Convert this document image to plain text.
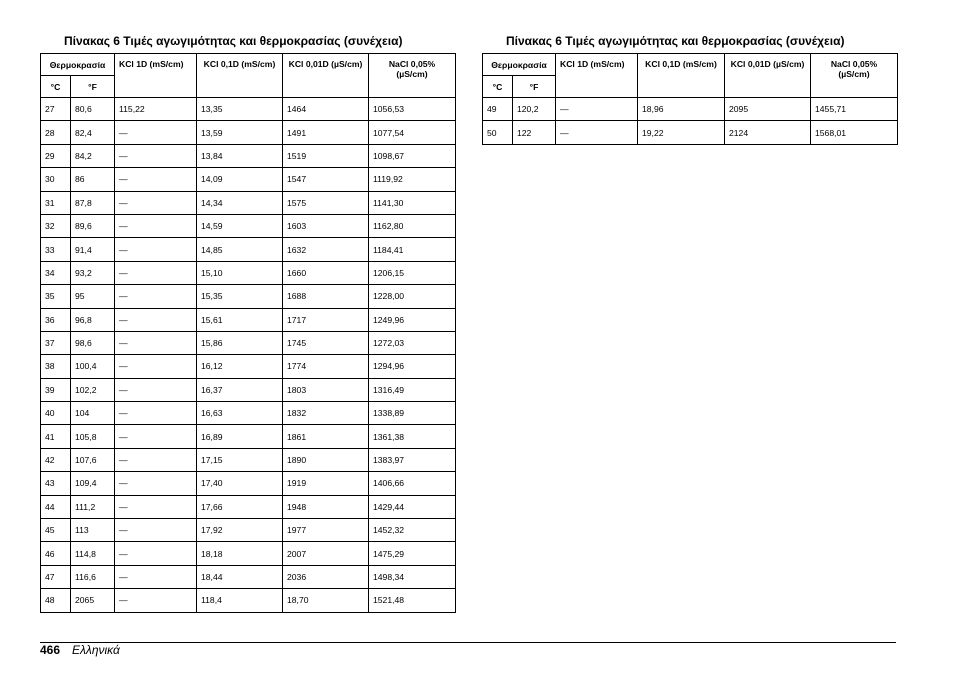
Πίνακας 6 Τιμές αγωγιμότητας και θερμοκρασίας (συνέχεια)
Θερμοκρασία		KCl 1D (mS/cm)	KCl 0,1D (mS/cm)	KCl 0,01D (µS/cm)	NaCl 0,05% (µS/cm)
°C	°F				
27	80,6	115,22	13,35	1464	1056,53
28	82,4	—	13,59	1491	1077,54
29	84,2	—	13,84	1519	1098,67
30	86	—	14,09	1547	1119,92
31	87,8	—	14,34	1575	1141,30
32	89,6	—	14,59	1603	1162,80
33	91,4	—	14,85	1632	1184,41
34	93,2	—	15,10	1660	1206,15
35	95	—	15,35	1688	1228,00
36	96,8	—	15,61	1717	1249,96
37	98,6	—	15,86	1745	1272,03
38	100,4	—	16,12	1774	1294,96
39	102,2	—	16,37	1803	1316,49
40	104	—	16,63	1832	1338,89
41	105,8	—	16,89	1861	1361,38
42	107,6	—	17,15	1890	1383,97
43	109,4	—	17,40	1919	1406,66
44	111,2	—	17,66	1948	1429,44
45	113	—	17,92	1977	1452,32
46	114,8	—	18,18	2007	1475,29
47	116,6	—	18,44	2036	1498,34
48	2065	—	118,4	18,70	1521,48
Πίνακας 6 Τιμές αγωγιμότητας και θερμοκρασίας (συνέχεια)
Θερμοκρασία		KCl 1D (mS/cm)	KCl 0,1D (mS/cm)	KCl 0,01D (µS/cm)	NaCl 0,05% (µS/cm)
°C	°F				
49	120,2	—	18,96	2095	1455,71
50	122	—	19,22	2124	1568,01
466 Ελληνικά
